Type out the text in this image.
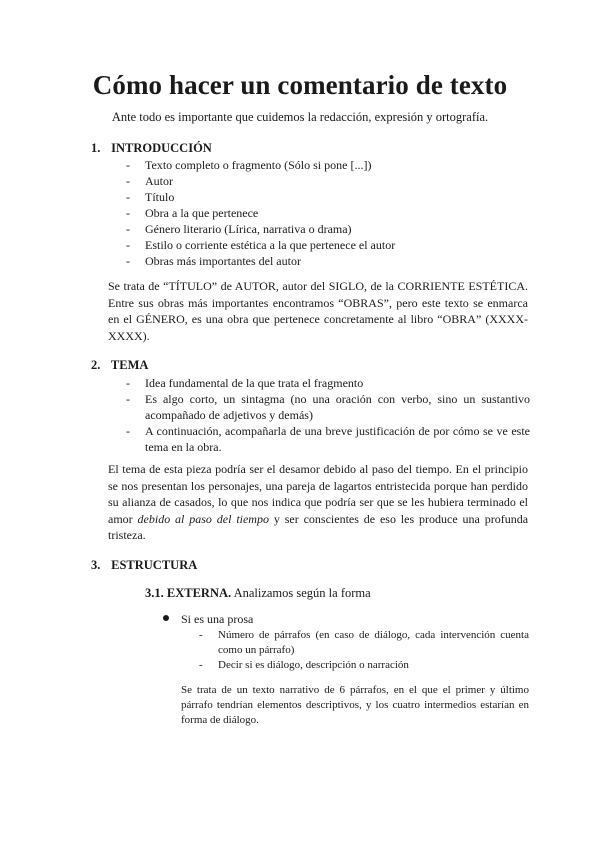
Cómo hacer un comentario de texto
Ante todo es importante que cuidemos la redacción, expresión y ortografía.
1. INTRODUCCIÓN
- Texto completo o fragmento (Sólo si pone [...])
- Autor
- Título
- Obra a la que pertenece
- Género literario (Lírica, narrativa o drama)
- Estilo o corriente estética a la que pertenece el autor
- Obras más importantes del autor

Se trata de “TÍTULO” de AUTOR, autor del SIGLO, de la CORRIENTE ESTÉTICA. Entre sus obras más importantes encontramos “OBRAS”, pero este texto se enmarca en el GÉNERO, es una obra que pertenece concretamente al libro “OBRA” (XXXX-XXXX).

2. TEMA
- Idea fundamental de la que trata el fragmento
- Es algo corto, un sintagma (no una oración con verbo, sino un sustantivo acompañado de adjetivos y demás)
- A continuación, acompañarla de una breve justificación de por cómo se ve este tema en la obra.

El tema de esta pieza podría ser el desamor debido al paso del tiempo. En el principio se nos presentan los personajes, una pareja de lagartos entristecida porque han perdido su alianza de casados, lo que nos indica que podría ser que se les hubiera terminado el amor debido al paso del tiempo y ser conscientes de eso les produce una profunda tristeza.

3. ESTRUCTURA
3.1. EXTERNA. Analizamos según la forma
Si es una prosa
- Número de párrafos (en caso de diálogo, cada intervención cuenta como un párrafo)
- Decir si es diálogo, descripción o narración

Se trata de un texto narrativo de 6 párrafos, en el que el primer y último párrafo tendrían elementos descriptivos, y los cuatro intermedios estarían en forma de diálogo.
